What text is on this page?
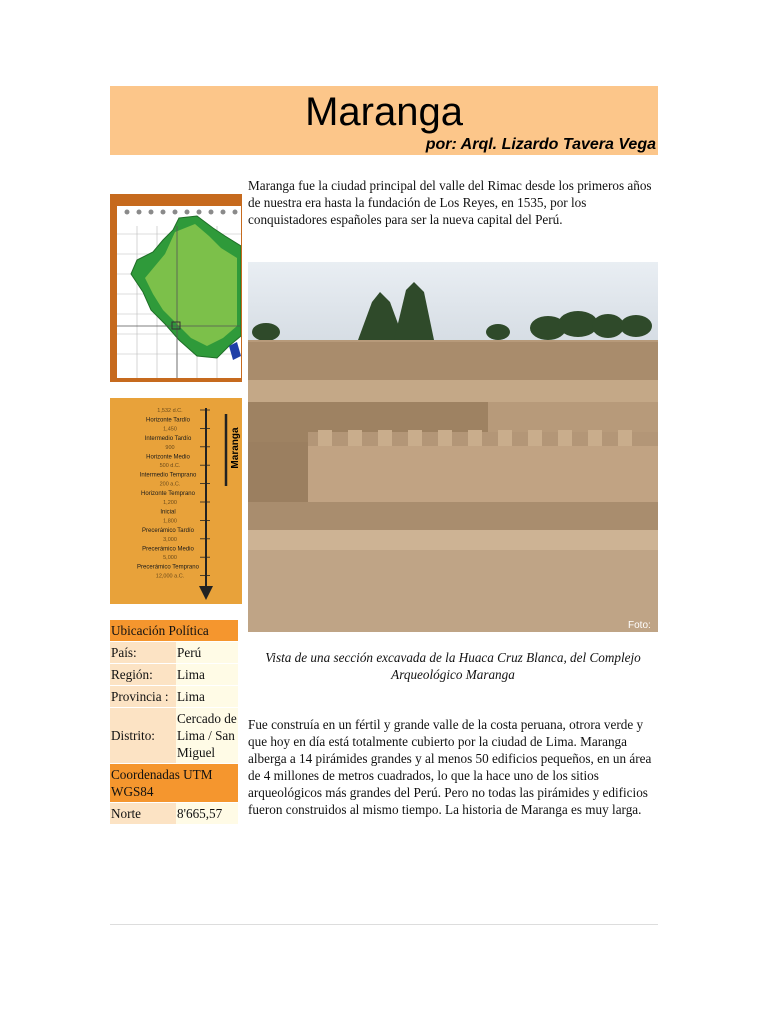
Maranga
por: Arql. Lizardo Tavera Vega
1,532 d.C.
1,450
900
500 d.C.
200 a.C.
1,200
1,800
3,000
5,000
12,000 a.C.
Horizonte Tardío
Intermedio Tardío
Horizonte Medio
Intermedio Temprano
Horizonte Temprano
Inicial
Precerámico Tardío
Precerámico Medio
Precerámico Temprano
Maranga

Maranga fue la ciudad principal del valle del Rimac desde los primeros años de nuestra era hasta la fundación de Los Reyes, en 1535, por los conquistadores españoles para ser la nueva capital del Perú.

Foto:

Vista de una sección excavada de la Huaca Cruz Blanca, del Complejo Arqueológico Maranga

Fue construía en un fértil y grande valle de la costa peruana, otrora verde y que hoy en día está totalmente cubierto por la ciudad de Lima. Maranga alberga a 14 pirámides grandes y al menos 50 edificios pequeños, en un área de 4 millones de metros cuadrados, lo que la hace uno de los sitios arqueológicos más grandes del Perú. Pero no todas las pirámides y edificios fueron construidos al mismo tiempo. La historia de Maranga es muy larga.

Ubicación Política	
País:	Perú
Región:	Lima
Provincia :	Lima
Distrito:	Cercado de Lima / San Miguel
Coordenadas UTM WGS84	
Norte	8'665,57
